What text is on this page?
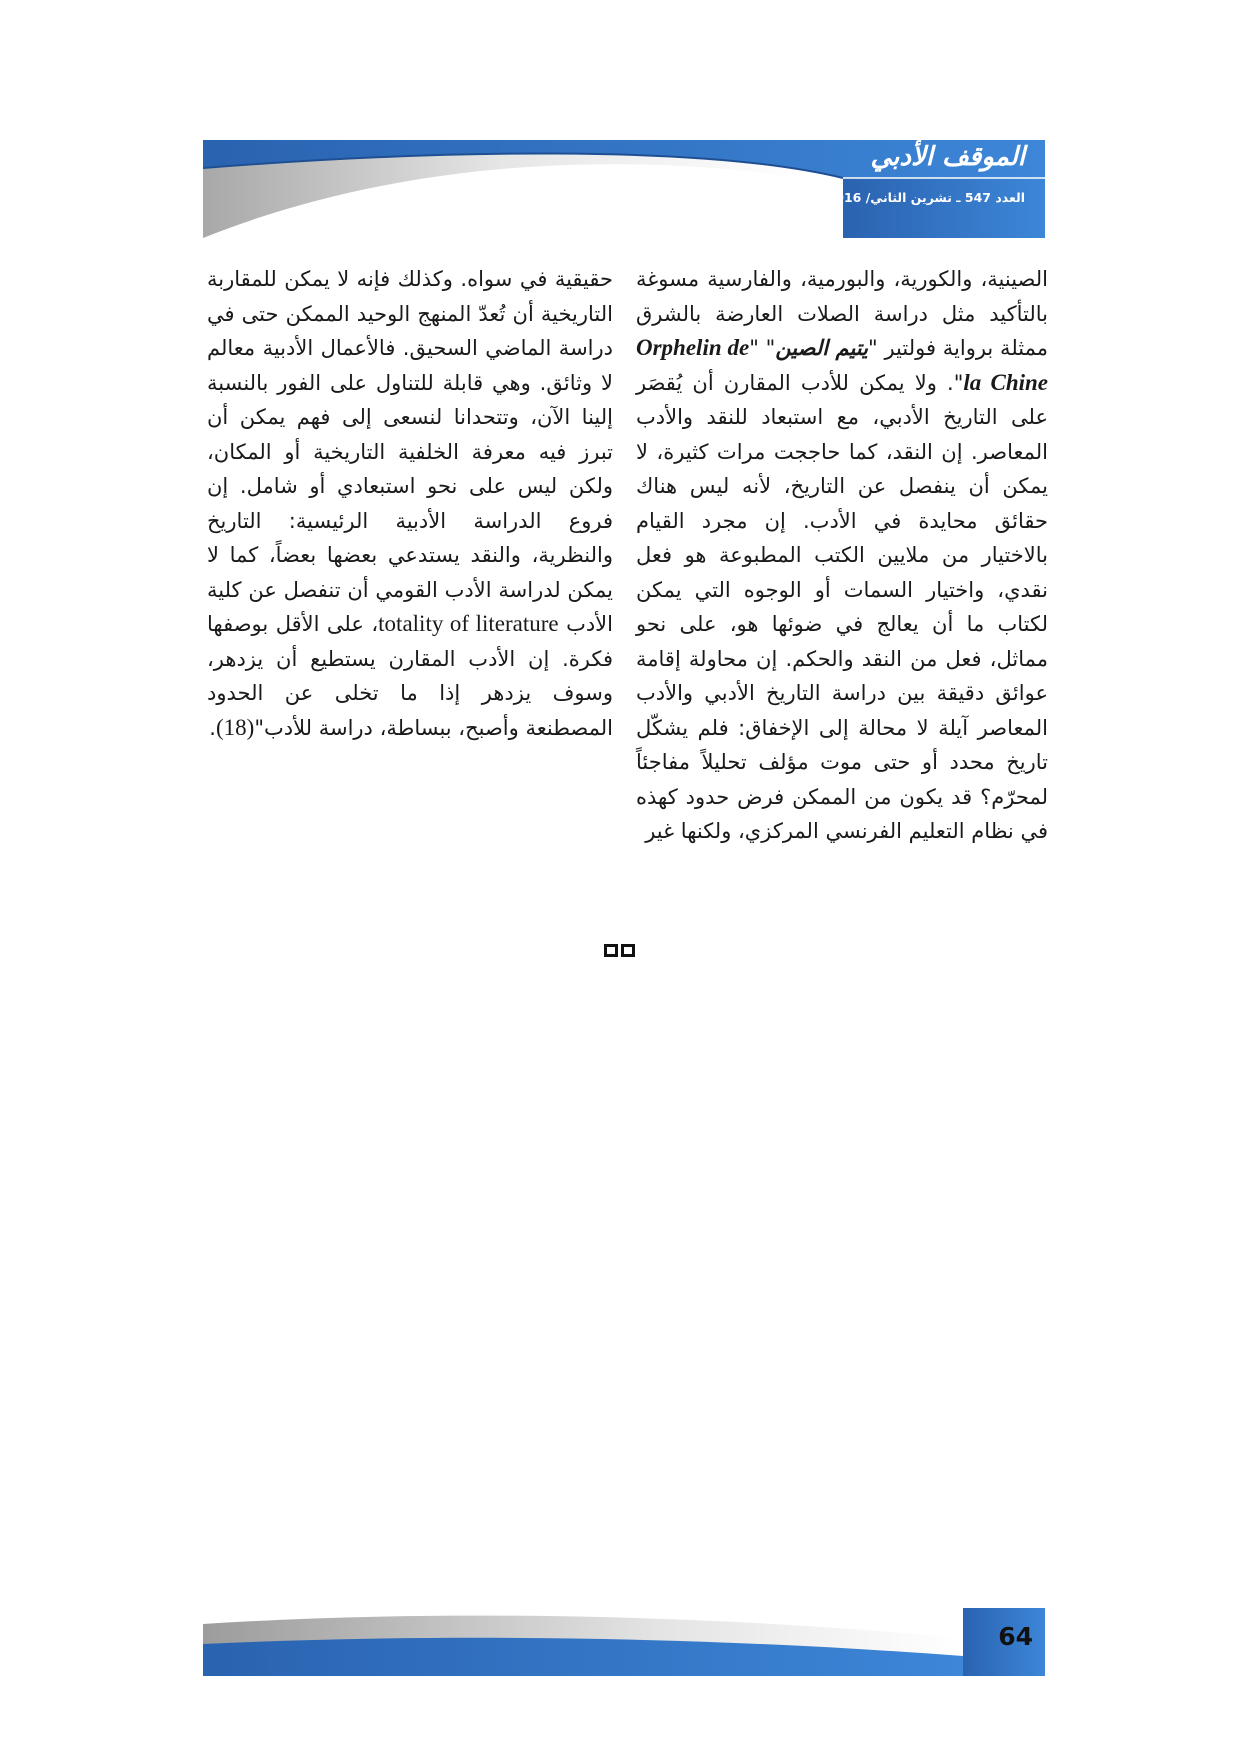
الموقف الأدبي
العدد 547 ـ تشرين الثاني/ 2016

الصينية، والكورية، والبورمية، والفارسية مسوغة بالتأكيد مثل دراسة الصلات العارضة بالشرق ممثلة برواية فولتير "يتيم الصين" "Orphelin de la Chine". ولا يمكن للأدب المقارن أن يُقصَر على التاريخ الأدبي، مع استبعاد للنقد والأدب المعاصر. إن النقد، كما حاججت مرات كثيرة، لا يمكن أن ينفصل عن التاريخ، لأنه ليس هناك حقائق محايدة في الأدب. إن مجرد القيام بالاختيار من ملايين الكتب المطبوعة هو فعل نقدي، واختيار السمات أو الوجوه التي يمكن لكتاب ما أن يعالج في ضوئها هو، على نحو مماثل، فعل من النقد والحكم. إن محاولة إقامة عوائق دقيقة بين دراسة التاريخ الأدبي والأدب المعاصر آيلة لا محالة إلى الإخفاق: فلم يشكّل تاريخ محدد أو حتى موت مؤلف تحليلاً مفاجئاً لمحرّم؟ قد يكون من الممكن فرض حدود كهذه في نظام التعليم الفرنسي المركزي، ولكنها غير

حقيقية في سواه. وكذلك فإنه لا يمكن للمقاربة التاريخية أن تُعدّ المنهج الوحيد الممكن حتى في دراسة الماضي السحيق. فالأعمال الأدبية معالم لا وثائق. وهي قابلة للتناول على الفور بالنسبة إلينا الآن، وتتحدانا لنسعى إلى فهم يمكن أن تبرز فيه معرفة الخلفية التاريخية أو المكان، ولكن ليس على نحو استبعادي أو شامل. إن فروع الدراسة الأدبية الرئيسية: التاريخ والنظرية، والنقد يستدعي بعضها بعضاً، كما لا يمكن لدراسة الأدب القومي أن تنفصل عن كلية الأدب totality of literature، على الأقل بوصفها فكرة. إن الأدب المقارن يستطيع أن يزدهر، وسوف يزدهر إذا ما تخلى عن الحدود المصطنعة وأصبح، ببساطة، دراسة للأدب"(18).

64
